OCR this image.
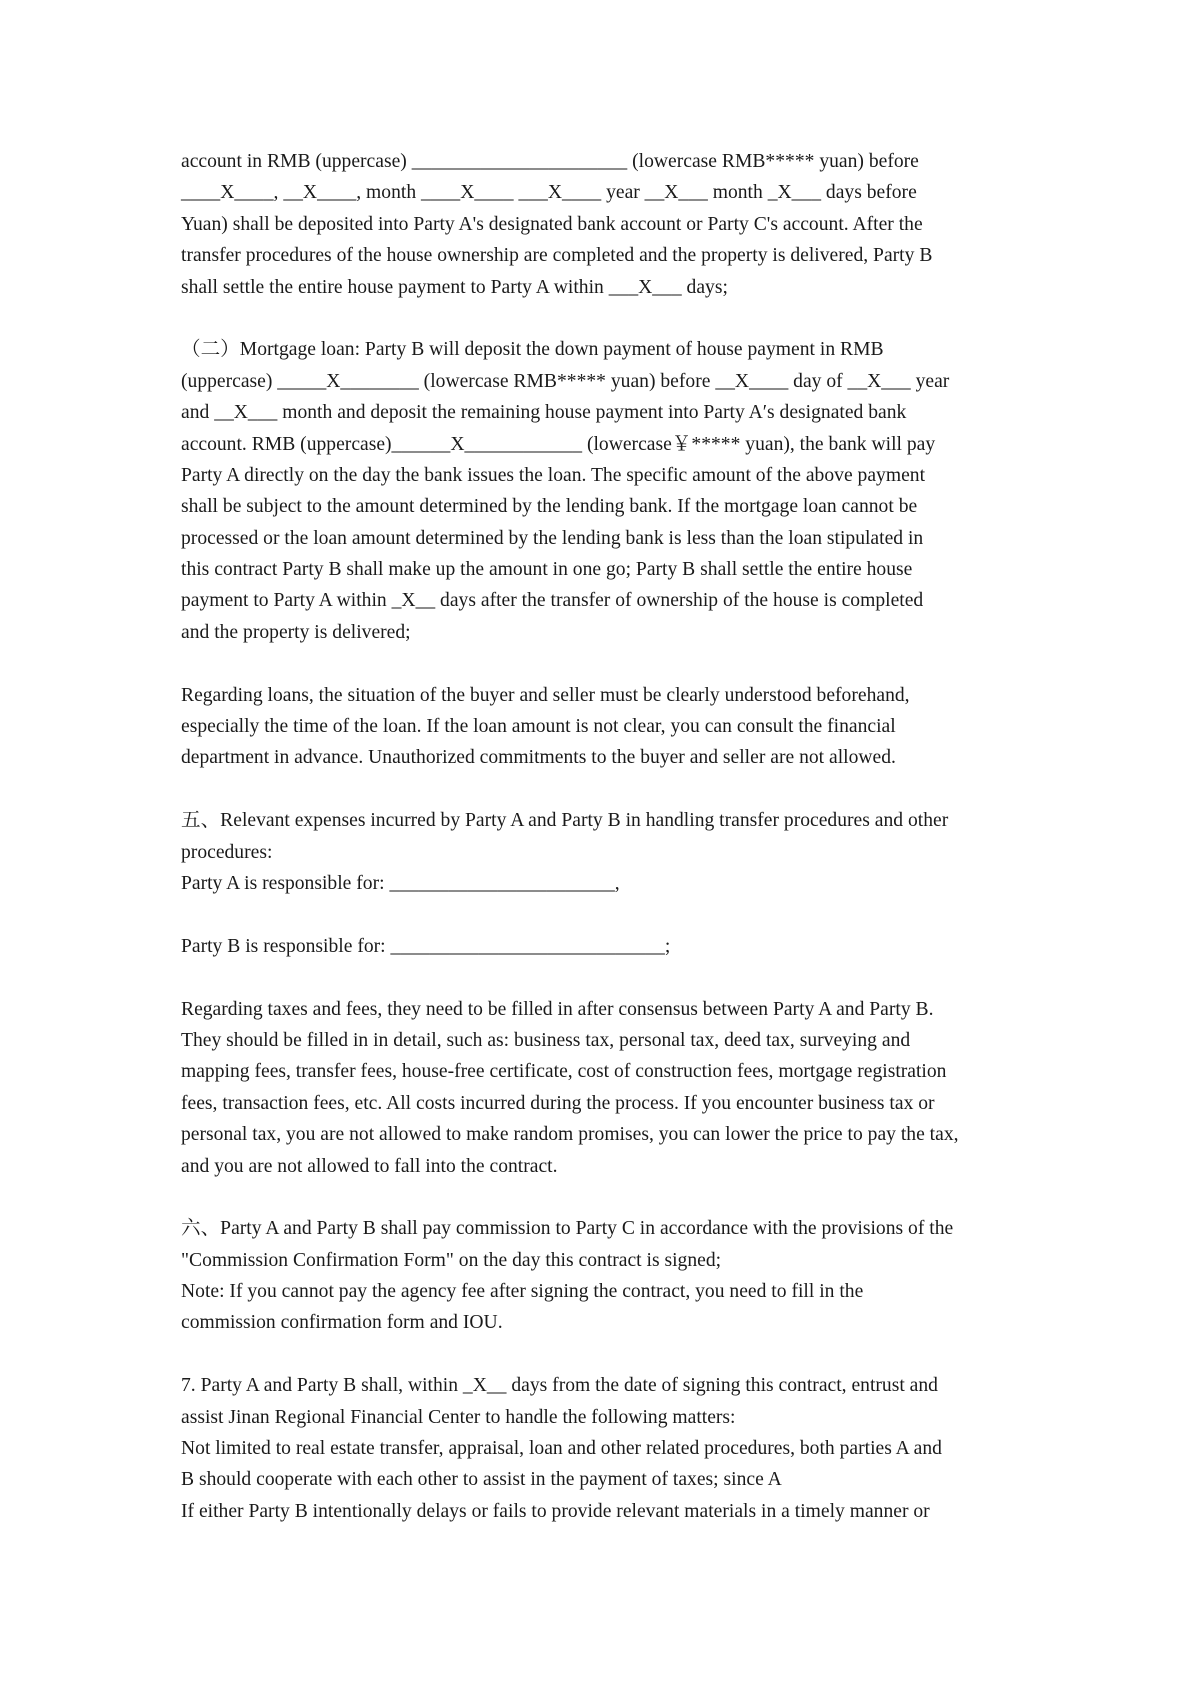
account in RMB (uppercase) ______________________ (lowercase RMB***** yuan) before
____X____, __X____, month ____X____ ___X____ year __X___ month _X___ days before
Yuan) shall be deposited into Party A's designated bank account or Party C's account. After the
transfer procedures of the house ownership are completed and the property is delivered, Party B
shall settle the entire house payment to Party A within ___X___ days;
（二）Mortgage loan: Party B will deposit the down payment of house payment in RMB
(uppercase) _____X________ (lowercase RMB***** yuan) before __X____ day of __X___ year
and __X___ month and deposit the remaining house payment into Party A′s designated bank
account. RMB (uppercase)______X____________ (lowercase￥***** yuan), the bank will pay
Party A directly on the day the bank issues the loan. The specific amount of the above payment
shall be subject to the amount determined by the lending bank. If the mortgage loan cannot be
processed or the loan amount determined by the lending bank is less than the loan stipulated in
this contract Party B shall make up the amount in one go; Party B shall settle the entire house
payment to Party A within _X__ days after the transfer of ownership of the house is completed
and the property is delivered;
Regarding loans, the situation of the buyer and seller must be clearly understood beforehand,
especially the time of the loan. If the loan amount is not clear, you can consult the financial
department in advance. Unauthorized commitments to the buyer and seller are not allowed.
五、Relevant expenses incurred by Party A and Party B in handling transfer procedures and other
procedures:
Party A is responsible for: _______________________,
Party B is responsible for: ____________________________;
Regarding taxes and fees, they need to be filled in after consensus between Party A and Party B.
They should be filled in in detail, such as: business tax, personal tax, deed tax, surveying and
mapping fees, transfer fees, house-free certificate, cost of construction fees, mortgage registration
fees, transaction fees, etc. All costs incurred during the process. If you encounter business tax or
personal tax, you are not allowed to make random promises, you can lower the price to pay the tax,
and you are not allowed to fall into the contract.
六、Party A and Party B shall pay commission to Party C in accordance with the provisions of the
"Commission Confirmation Form" on the day this contract is signed;
Note: If you cannot pay the agency fee after signing the contract, you need to fill in the
commission confirmation form and IOU.
7. Party A and Party B shall, within _X__ days from the date of signing this contract, entrust and
assist Jinan Regional Financial Center to handle the following matters:
Not limited to real estate transfer, appraisal, loan and other related procedures, both parties A and
B should cooperate with each other to assist in the payment of taxes; since A
If either Party B intentionally delays or fails to provide relevant materials in a timely manner or
